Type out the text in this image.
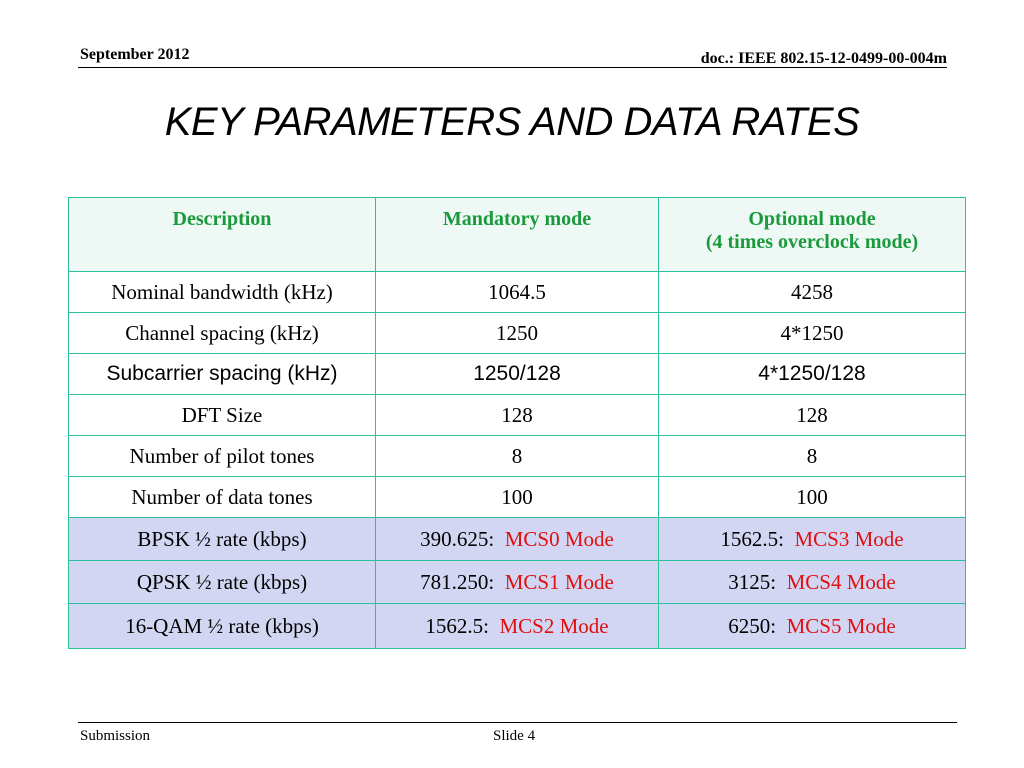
September 2012	doc.: IEEE 802.15-12-0499-00-004m
KEY PARAMETERS AND DATA RATES
Description	Mandatory mode	Optional mode
(4 times overclock mode)

Nominal bandwidth (kHz)	1064.5	4258
Channel spacing (kHz)	1250	4*1250
Subcarrier spacing (kHz)	1250/128	4*1250/128
DFT Size	128	128
Number of pilot tones	8	8
Number of data tones	100	100
BPSK ½ rate (kbps)	390.625: MCS0 Mode	1562.5: MCS3 Mode
QPSK ½ rate (kbps)	781.250: MCS1 Mode	3125: MCS4 Mode
16-QAM ½ rate (kbps)	1562.5: MCS2 Mode	6250: MCS5 Mode
Submission	Slide 4
